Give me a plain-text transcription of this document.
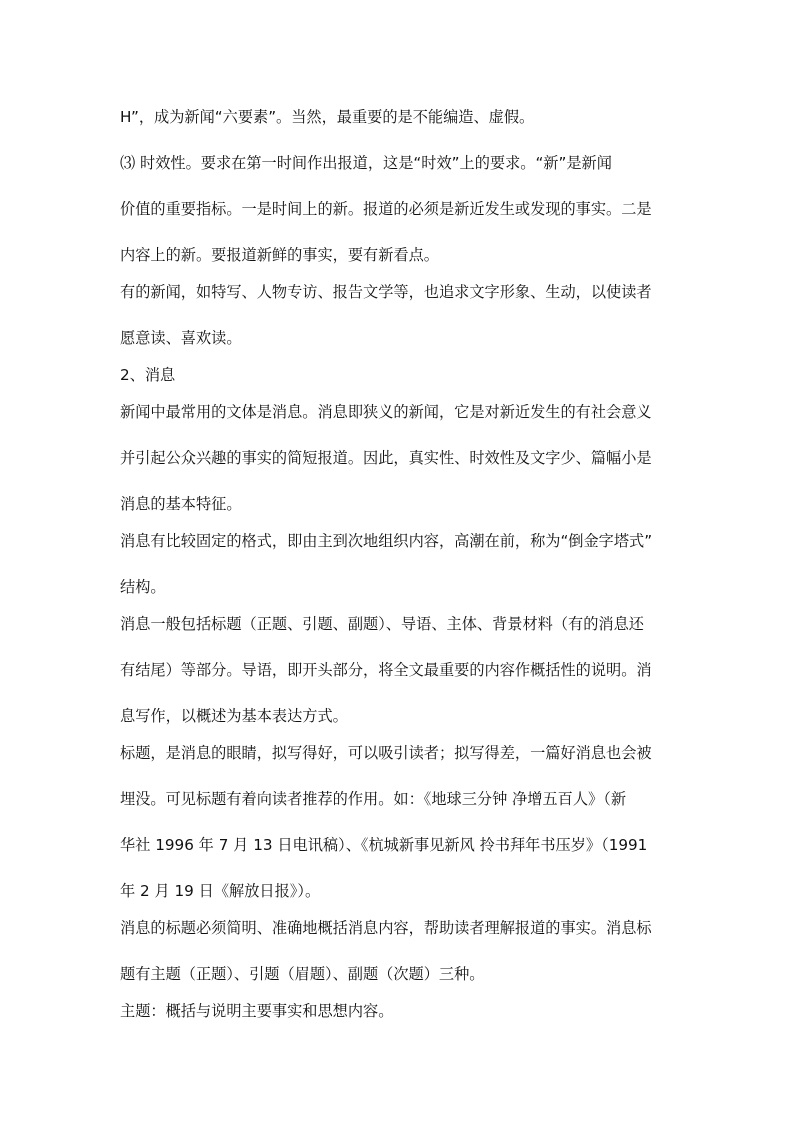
H”，成为新闻“六要素”。当然，最重要的是不能编造、虚假。

⑶ 时效性。要求在第一时间作出报道，这是“时效”上的要求。“新”是新闻

价值的重要指标。一是时间上的新。报道的必须是新近发生或发现的事实。二是

内容上的新。要报道新鲜的事实，要有新看点。

有的新闻，如特写、人物专访、报告文学等，也追求文字形象、生动，以使读者

愿意读、喜欢读。

2、消息

新闻中最常用的文体是消息。消息即狭义的新闻，它是对新近发生的有社会意义

并引起公众兴趣的事实的简短报道。因此，真实性、时效性及文字少、篇幅小是

消息的基本特征。

消息有比较固定的格式，即由主到次地组织内容，高潮在前，称为“倒金字塔式”

结构。

消息一般包括标题（正题、引题、副题）、导语、主体、背景材料（有的消息还

有结尾）等部分。导语，即开头部分，将全文最重要的内容作概括性的说明。消

息写作，以概述为基本表达方式。

标题，是消息的眼睛，拟写得好，可以吸引读者；拟写得差，一篇好消息也会被

埋没。可见标题有着向读者推荐的作用。如：《地球三分钟 净增五百人》（新

华社 1996 年 7 月 13 日电讯稿）、《杭城新事见新风 拎书拜年书压岁》（1991

年 2 月 19 日《解放日报》）。

消息的标题必须简明、准确地概括消息内容，帮助读者理解报道的事实。消息标

题有主题（正题）、引题（眉题）、副题（次题）三种。

主题：概括与说明主要事实和思想内容。
